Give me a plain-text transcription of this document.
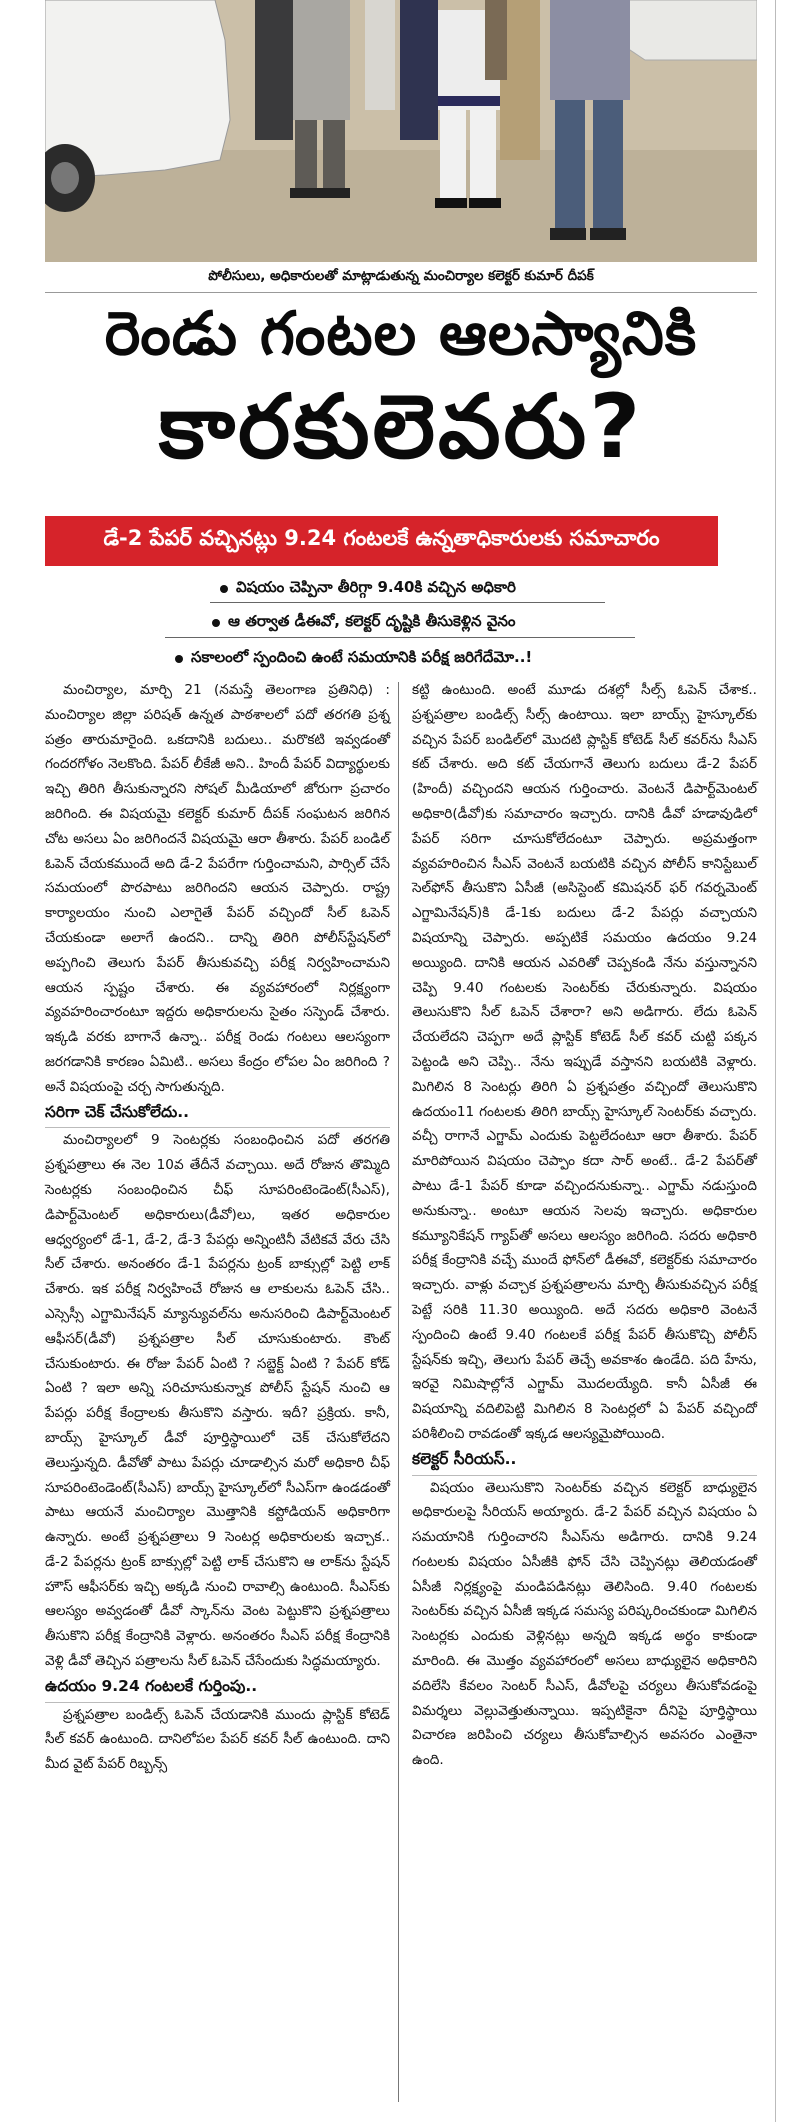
పోలీసులు, అధికారులతో మాట్లాడుతున్న మంచిర్యాల కలెక్టర్ కుమార్ దీపక్
రెండు గంటల ఆలస్యానికి
కారకులెవరు?
డే-2 పేపర్ వచ్చినట్లు 9.24 గంటలకే ఉన్నతాధికారులకు సమాచారం
విషయం చెప్పినా తీరిగ్గా 9.40కి వచ్చిన అధికారి
ఆ తర్వాత డీఈవో, కలెక్టర్ దృష్టికి తీసుకెళ్లిన వైనం
సకాలంలో స్పందించి ఉంటే సమయానికి పరీక్ష జరిగేదేమో..!

మంచిర్యాల, మార్చి 21 (నమస్తే తెలంగాణ ప్రతినిధి) : మంచిర్యాల జిల్లా పరిషత్ ఉన్నత పాఠశాలలో పదో తరగతి ప్రశ్న పత్రం తారుమారైంది. ఒకదానికి బదులు.. మరొకటి ఇవ్వడంతో గందరగోళం నెలకొంది. పేపర్ లీకేజీ అని.. హిందీ పేపర్ విద్యార్థులకు ఇచ్చి తిరిగి తీసుకున్నారని సోషల్ మీడియాలో జోరుగా ప్రచారం జరిగింది. ఈ విషయమై కలెక్టర్ కుమార్ దీపక్ సంఘటన జరిగిన చోట అసలు ఏం జరిగిందనే విషయమై ఆరా తీశారు. పేపర్ బండిల్ ఓపెన్ చేయకముందే అది డే-2 పేపరేగా గుర్తించామని, పార్సిల్ చేసే సమయంలో పొరపాటు జరిగిందని ఆయన చెప్పారు. రాష్ట్ర కార్యాలయం నుంచి ఎలాగైతే పేపర్ వచ్చిందో సీల్ ఓపెన్ చేయకుండా అలాగే ఉందని.. దాన్ని తిరిగి పోలీస్‌స్టేషన్‌లో అప్పగించి తెలుగు పేపర్ తీసుకువచ్చి పరీక్ష నిర్వహించామని ఆయన స్పష్టం చేశారు. ఈ వ్యవహారంలో నిర్లక్ష్యంగా వ్యవహరించారంటూ ఇద్దరు అధికారులను సైతం సస్పెండ్ చేశారు. ఇక్కడి వరకు బాగానే ఉన్నా.. పరీక్ష రెండు గంటలు ఆలస్యంగా జరగడానికి కారణం ఏమిటి.. అసలు కేంద్రం లోపల ఏం జరిగింది ? అనే విషయంపై చర్చ సాగుతున్నది.

సరిగా చెక్ చేసుకోలేదు..

మంచిర్యాలలో 9 సెంటర్లకు సంబంధించిన పదో తరగతి ప్రశ్నపత్రాలు ఈ నెల 10వ తేదీనే వచ్చాయి. అదే రోజున తొమ్మిది సెంటర్లకు సంబంధించిన చీఫ్ సూపరింటెండెంట్(సీఎస్), డిపార్ట్‌మెంటల్ అధికారులు(డీవో)లు, ఇతర అధికారుల ఆధ్వర్యంలో డే-1, డే-2, డే-3 పేపర్లు అన్నింటినీ వేటికవే వేరు చేసి సీల్ చేశారు. అనంతరం డే-1 పేపర్లను ట్రంక్ బాక్సుల్లో పెట్టి లాక్ చేశారు. ఇక పరీక్ష నిర్వహించే రోజున ఆ లాకులను ఓపెన్ చేసి.. ఎస్సెస్సీ ఎగ్జామినేషన్ మ్యాన్యువల్‌ను అనుసరించి డిపార్ట్‌మెంటల్ ఆఫీసర్(డీవో) ప్రశ్నపత్రాల సీల్ చూసుకుంటారు. కౌంట్ చేసుకుంటారు. ఈ రోజు పేపర్ ఏంటి ? సబ్జెక్ట్ ఏంటి ? పేపర్ కోడ్ ఏంటి ? ఇలా అన్ని సరిచూసుకున్నాక పోలీస్ స్టేషన్ నుంచి ఆ పేపర్లు పరీక్ష కేంద్రాలకు తీసుకొని వస్తారు. ఇదీ? ప్రక్రియ. కానీ, బాయ్స్ హైస్కూల్ డీవో పూర్తిస్థాయిలో చెక్ చేసుకోలేదని తెలుస్తున్నది. డీవోతో పాటు పేపర్లు చూడాల్సిన మరో అధికారి చీఫ్ సూపరింటెండెంట్(సీఎస్) బాయ్స్ హైస్కూల్‌లో సీఎస్‌గా ఉండడంతో పాటు ఆయనే మంచిర్యాల మొత్తానికి కస్టోడియన్ అధికారిగా ఉన్నారు. అంటే ప్రశ్నపత్రాలు 9 సెంటర్ల అధికారులకు ఇచ్చాక.. డే-2 పేపర్లను ట్రంక్ బాక్సుల్లో పెట్టి లాక్ చేసుకొని ఆ లాక్‌ను స్టేషన్ హౌస్ ఆఫీసర్‌కు ఇచ్చి అక్కడి నుంచి రావాల్సి ఉంటుంది. సీఎస్‌కు ఆలస్యం అవ్వడంతో డీవో స్కాన్‌ను వెంట పెట్టుకొని ప్రశ్నపత్రాలు తీసుకొని పరీక్ష కేంద్రానికి వెళ్లారు. అనంతరం సీఎస్ పరీక్ష కేంద్రానికి వెళ్లి డీవో తెచ్చిన పత్రాలను సీల్ ఓపెన్ చేసేందుకు సిద్ధమయ్యారు.

ఉదయం 9.24 గంటలకే గుర్తింపు..

ప్రశ్నపత్రాల బండిల్స్ ఓపెన్ చేయడానికి ముందు ప్లాస్టిక్ కోటెడ్ సీల్ కవర్ ఉంటుంది. దానిలోపల పేపర్ కవర్ సీల్ ఉంటుంది. దాని మీద వైట్ పేపర్ రిబ్బన్స్

కట్టి ఉంటుంది. అంటే మూడు దశల్లో సీల్స్ ఓపెన్ చేశాక.. ప్రశ్నపత్రాల బండిల్స్ సీల్స్ ఉంటాయి. ఇలా బాయ్స్ హైస్కూల్‌కు వచ్చిన పేపర్ బండిల్‌లో మొదటి ప్లాస్టిక్ కోటెడ్ సీల్ కవర్‌ను సీఎస్ కట్ చేశారు. అది కట్ చేయగానే తెలుగు బదులు డే-2 పేపర్ (హిందీ) వచ్చిందని ఆయన గుర్తించారు. వెంటనే డిపార్ట్‌మెంటల్ అధికారి(డీవో)కు సమాచారం ఇచ్చారు. దానికి డీవో హడావుడిలో పేపర్ సరిగా చూసుకోలేదంటూ చెప్పారు. అప్రమత్తంగా వ్యవహరించిన సీఎస్ వెంటనే బయటికి వచ్చిన పోలీస్ కానిస్టేబుల్ సెల్‌ఫోన్ తీసుకొని ఏసీజీ (అసిస్టెంట్ కమిషనర్ ఫర్ గవర్నమెంట్ ఎగ్జామినేషన్)కి డే-1కు బదులు డే-2 పేపర్లు వచ్చాయని విషయాన్ని చెప్పారు. అప్పటికే సమయం ఉదయం 9.24 అయ్యింది. దానికి ఆయన ఎవరితో చెప్పకండి నేను వస్తున్నానని చెప్పి 9.40 గంటలకు సెంటర్‌కు చేరుకున్నారు. విషయం తెలుసుకొని సీల్ ఓపెన్ చేశారా? అని అడిగారు. లేదు ఓపెన్ చేయలేదని చెప్పగా అదే ప్లాస్టిక్ కోటెడ్ సీల్ కవర్ చుట్టి పక్కన పెట్టండి అని చెప్పి.. నేను ఇప్పుడే వస్తానని బయటికి వెళ్లారు. మిగిలిన 8 సెంటర్లు తిరిగి ఏ ప్రశ్నపత్రం వచ్చిందో తెలుసుకొని ఉదయం11 గంటలకు తిరిగి బాయ్స్ హైస్కూల్ సెంటర్‌కు వచ్చారు. వచ్చీ రాగానే ఎగ్జామ్ ఎందుకు పెట్టలేదంటూ ఆరా తీశారు. పేపర్ మారిపోయిన విషయం చెప్పాం కదా సార్ అంటే.. డే-2 పేపర్‌తో పాటు డే-1 పేపర్ కూడా వచ్చిందనుకున్నా.. ఎగ్జామ్ నడుస్తుంది అనుకున్నా.. అంటూ ఆయన సెలవు ఇచ్చారు. అధికారుల కమ్యూనికేషన్ గ్యాప్‌తో అసలు ఆలస్యం జరిగింది. సదరు అధికారి పరీక్ష కేంద్రానికి వచ్చే ముందే ఫోన్‌లో డీఈవో, కలెక్టర్‌కు సమాచారం ఇచ్చారు. వాళ్లు వచ్చాక ప్రశ్నపత్రాలను మార్చి తీసుకువచ్చిన పరీక్ష పెట్టే సరికి 11.30 అయ్యింది. అదే సదరు అధికారి వెంటనే స్పందించి ఉంటే 9.40 గంటలకే పరీక్ష పేపర్ తీసుకొచ్చి పోలీస్ స్టేషన్‌కు ఇచ్చి, తెలుగు పేపర్ తెచ్చే అవకాశం ఉండేది. పది హేను, ఇరవై నిమిషాల్లోనే ఎగ్జామ్ మొదలయ్యేది. కానీ ఏసీజీ ఈ విషయాన్ని వదిలిపెట్టి మిగిలిన 8 సెంటర్లలో ఏ పేపర్ వచ్చిందో పరిశీలించి రావడంతో ఇక్కడ ఆలస్యమైపోయింది.

కలెక్టర్ సీరియస్..

విషయం తెలుసుకొని సెంటర్‌కు వచ్చిన కలెక్టర్ బాధ్యులైన అధికారులపై సీరియస్ అయ్యారు. డే-2 పేపర్ వచ్చిన విషయం ఏ సమయానికి గుర్తించారని సీఎస్‌ను అడిగారు. దానికి 9.24 గంటలకు విషయం ఏసీజీకి ఫోన్ చేసి చెప్పినట్లు తెలియడంతో ఏసీజీ నిర్లక్ష్యంపై మండిపడినట్లు తెలిసింది. 9.40 గంటలకు సెంటర్‌కు వచ్చిన ఏసీజీ ఇక్కడ సమస్య పరిష్కరించకుండా మిగిలిన సెంటర్లకు ఎందుకు వెళ్లినట్లు అన్నది ఇక్కడ అర్థం కాకుండా మారింది. ఈ మొత్తం వ్యవహారంలో అసలు బాధ్యులైన అధికారిని వదిలేసి కేవలం సెంటర్ సీఎస్, డీవోలపై చర్యలు తీసుకోవడంపై విమర్శలు వెల్లువెత్తుతున్నాయి. ఇప్పటికైనా దీనిపై పూర్తిస్థాయి విచారణ జరిపించి చర్యలు తీసుకోవాల్సిన అవసరం ఎంతైనా ఉంది.
